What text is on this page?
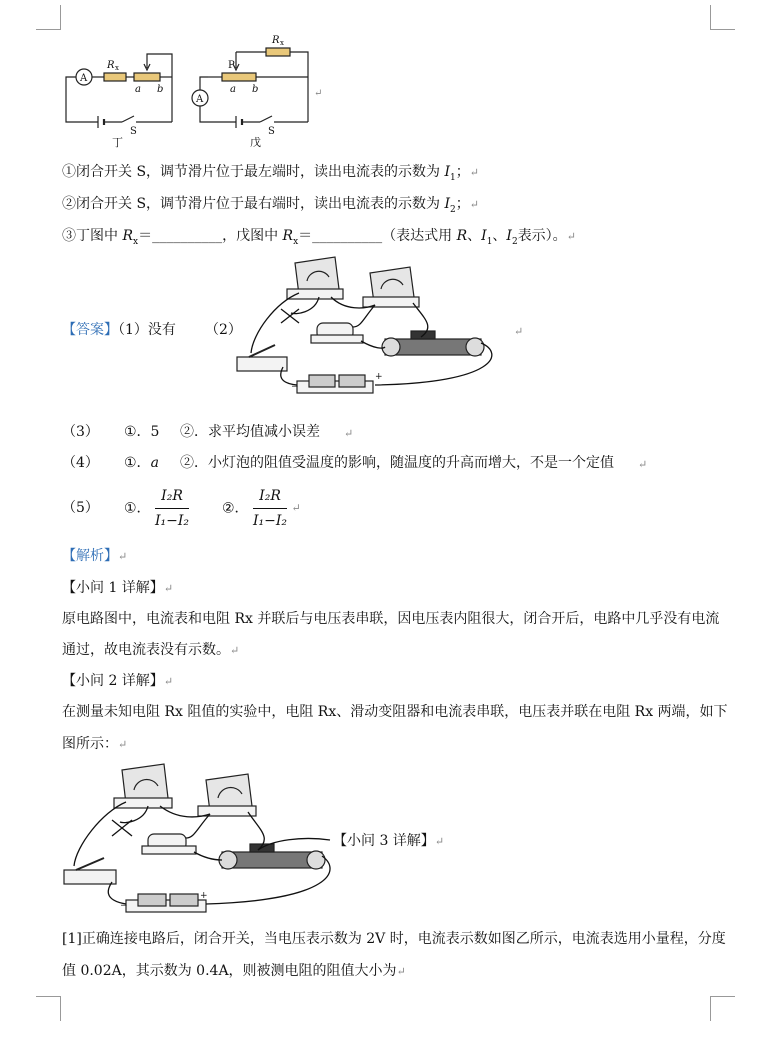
A
R x
a b
S
丁
R x
P
A
a b
S
戊
↵
①闭合开关 S，调节滑片位于最左端时，读出电流表的示数为 $I_1$；↵
②闭合开关 S，调节滑片位于最右端时，读出电流表的示数为 $I_2$；↵
③丁图中 $R_x=\_\_\_\_\_\_\_\_\_\_$，戊图中 $R_x=\_\_\_\_\_\_\_\_\_\_$（表达式用 R、$I_1$、$I_2$表示）。↵
【答案】（1）没有 （2）
−
+
↵
（3） ①．5 ②．求平均值减小误差 ↵
（4） ①．a ②．小灯泡的阻值受温度的影响，随温度的升高而增大，不是一个定值 ↵
（5） ①． $\frac{\text{I₂R}}{\text{I₁−I₂}}$ ②． $\frac{\text{I₂R}}{\text{I₁−I₂}}$ ↵
【解析】↵
【小问 1 详解】↵
原电路图中，电流表和电阻 Rx 并联后与电压表串联，因电压表内阻很大，闭合开后，电路中几乎没有电流
通过，故电流表没有示数。↵
【小问 2 详解】↵
在测量未知电阻 Rx 阻值的实验中，电阻 Rx、滑动变阻器和电流表串联，电压表并联在电阻 Rx 两端，如下
图所示：↵
−
+
【小问 3 详解】↵
[1]正确连接电路后，闭合开关，当电压表示数为 2V 时，电流表示数如图乙所示，电流表选用小量程，分度
值 0.02A，其示数为 0.4A，则被测电阻的阻值大小为↵
